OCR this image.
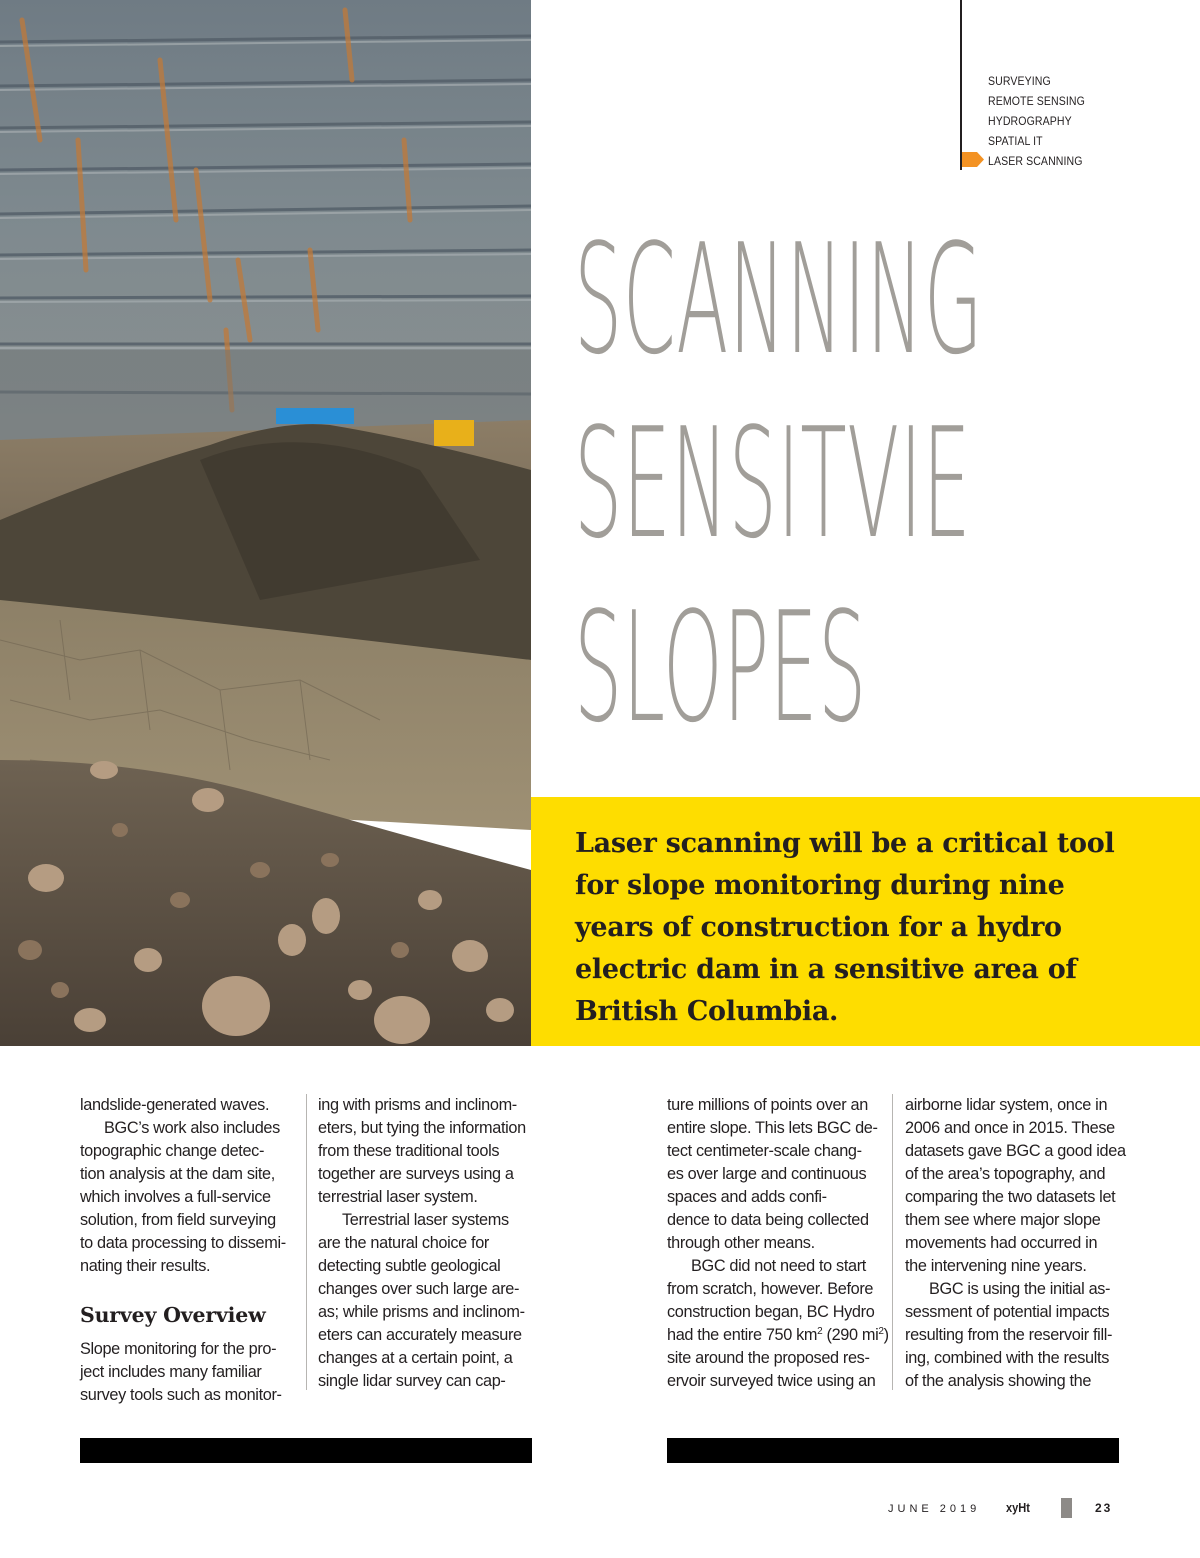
SURVEYING
REMOTE SENSING
HYDROGRAPHY
SPATIAL IT
LASER SCANNING
SCANNING
SENSITVIE
SLOPES

Laser scanning will be a critical tool for slope monitoring during nine years of construction for a hydro electric dam in a sensitive area of British Columbia.

landslide-generated waves.

BGC’s work also includes

topographic change detec-

tion analysis at the dam site,

which involves a full-service

solution, from field surveying

to data processing to dissemi-

nating their results.

Survey Overview

Slope monitoring for the pro-

ject includes many familiar

survey tools such as monitor-

ing with prisms and inclinom-

eters, but tying the information

from these traditional tools

together are surveys using a

terrestrial laser system.

Terrestrial laser systems

are the natural choice for

detecting subtle geological

changes over such large are-

as; while prisms and inclinom-

eters can accurately measure

changes at a certain point, a

single lidar survey can cap-

ture millions of points over an

entire slope. This lets BGC de-

tect centimeter-scale chang-

es over large and continuous

spaces and adds confi-

dence to data being collected

through other means.

BGC did not need to start

from scratch, however. Before

construction began, BC Hydro

had the entire 750 $km^2$ (290 $mi^2$)

site around the proposed res-

ervoir surveyed twice using an

airborne lidar system, once in

2006 and once in 2015. These

datasets gave BGC a good idea

of the area’s topography, and

comparing the two datasets let

them see where major slope

movements had occurred in

the intervening nine years.

BGC is using the initial as-

sessment of potential impacts

resulting from the reservoir fill-

ing, combined with the results

of the analysis showing the

JUNE 2019 xyHt	23
